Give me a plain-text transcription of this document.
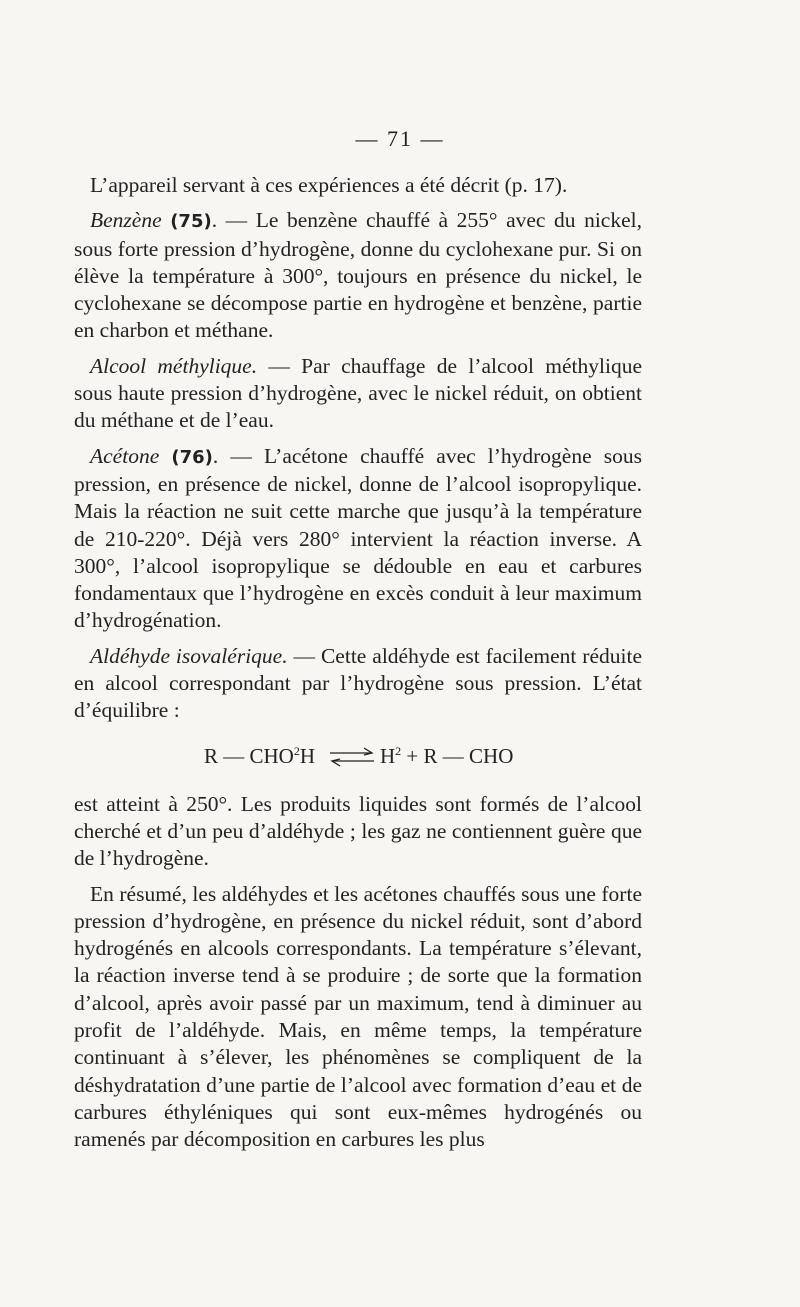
— 71 —

L’appareil servant à ces expériences a été décrit (p. 17).

Benzène (75). — Le benzène chauffé à 255° avec du nickel, sous forte pression d’hydrogène, donne du cyclohexane pur. Si on élève la température à 300°, toujours en présence du nickel, le cyclohexane se décompose partie en hydrogène et benzène, partie en charbon et méthane.

Alcool méthylique. — Par chauffage de l’alcool méthylique sous haute pression d’hydrogène, avec le nickel réduit, on obtient du méthane et de l’eau.

Acétone (76). — L’acétone chauffé avec l’hydrogène sous pression, en présence de nickel, donne de l’alcool isopropylique. Mais la réaction ne suit cette marche que jusqu’à la température de 210-220°. Déjà vers 280° intervient la réaction inverse. A 300°, l’alcool isopropylique se dédouble en eau et carbures fondamentaux que l’hydrogène en excès conduit à leur maximum d’hydrogénation.

Aldéhyde isovalérique. — Cette aldéhyde est facilement réduite en alcool correspondant par l’hydrogène sous pression. L’état d’équilibre :

R — CHO$^2$H ⇌ $H^2 + R$ — CHO

est atteint à 250°. Les produits liquides sont formés de l’alcool cherché et d’un peu d’aldéhyde ; les gaz ne contiennent guère que de l’hydrogène.

En résumé, les aldéhydes et les acétones chauffés sous une forte pression d’hydrogène, en présence du nickel réduit, sont d’abord hydrogénés en alcools correspondants. La température s’élevant, la réaction inverse tend à se produire ; de sorte que la formation d’alcool, après avoir passé par un maximum, tend à diminuer au profit de l’aldéhyde. Mais, en même temps, la température continuant à s’élever, les phénomènes se compliquent de la déshydratation d’une partie de l’alcool avec formation d’eau et de carbures éthyléniques qui sont eux-mêmes hydrogénés ou ramenés par décomposition en carbures les plus
